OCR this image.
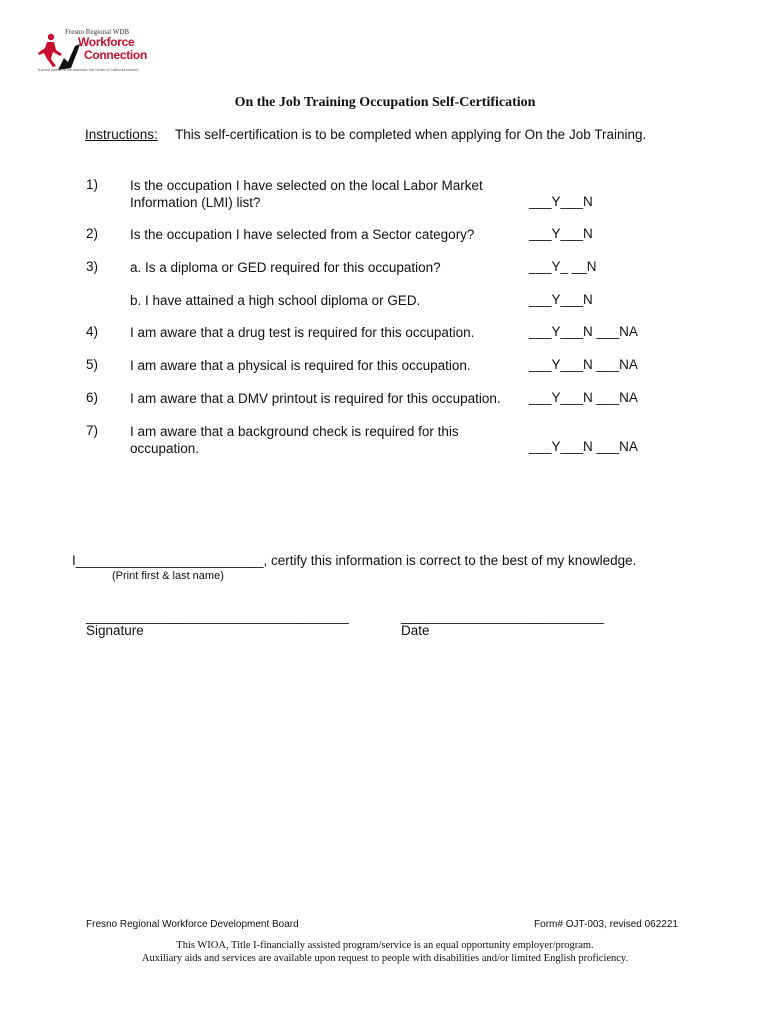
Fresno Regional WDB
Workforce
Connection
A proud partner of the American Job Center of California network
On the Job Training Occupation Self-Certification
Instructions: This self-certification is to be completed when applying for On the Job Training.
1) Is the occupation I have selected on the local Labor Market Information (LMI) list?	___Y___N
2) Is the occupation I have selected from a Sector category?	___Y___N
3) a. Is a diploma or GED required for this occupation?	___Y_ __N
b. I have attained a high school diploma or GED.	___Y___N
4) I am aware that a drug test is required for this occupation.	___Y___N ___NA
5) I am aware that a physical is required for this occupation.	___Y___N ___NA
6) I am aware that a DMV printout is required for this occupation.	___Y___N ___NA
7) I am aware that a background check is required for this occupation.	___Y___N ___NA
I_________________________, certify this information is correct to the best of my knowledge.
(Print first & last name)
___________________________________	___________________________
Signature	Date
Fresno Regional Workforce Development Board	Form# OJT-003, revised 062221
This WIOA, Title I-financially assisted program/service is an equal opportunity employer/program.
Auxiliary aids and services are available upon request to people with disabilities and/or limited English proficiency.
